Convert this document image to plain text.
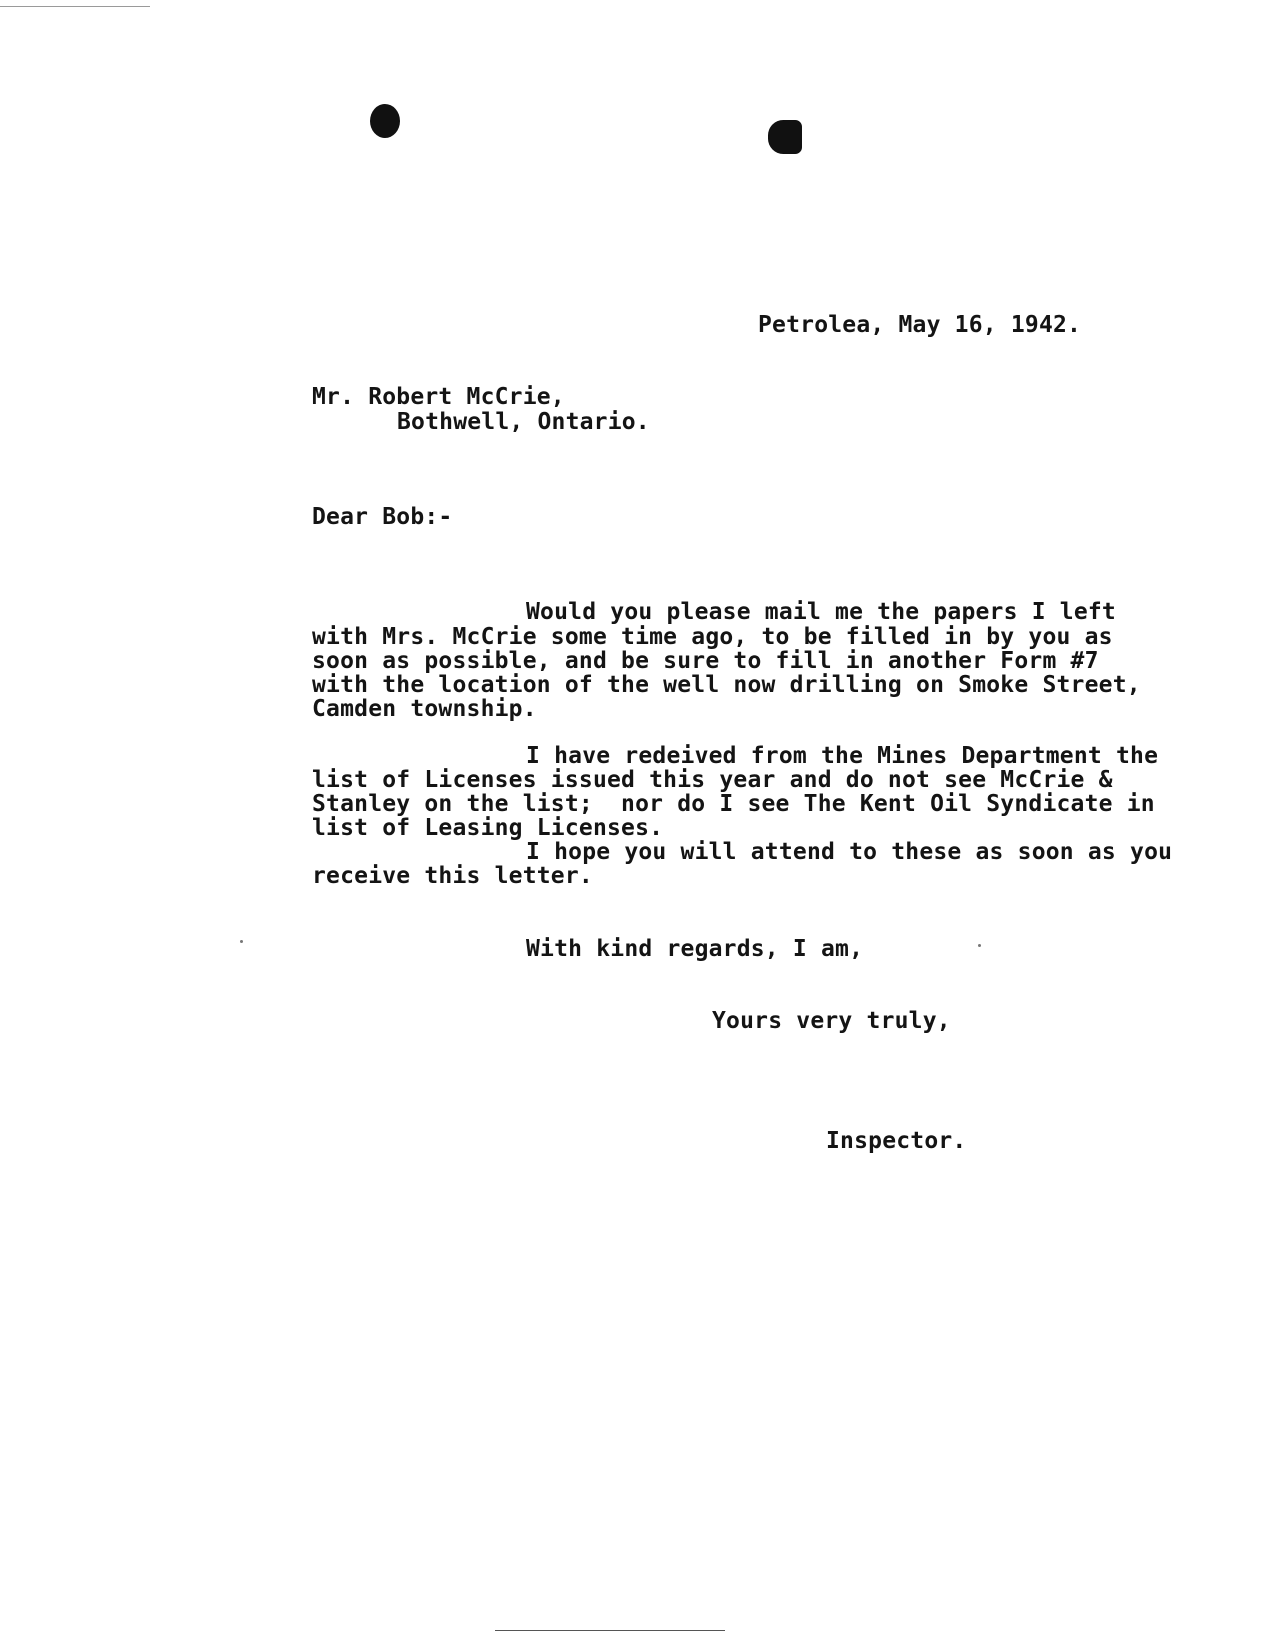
Petrolea, May 16, 1942.
Mr. Robert McCrie,
Bothwell, Ontario.
Dear Bob:-
Would you please mail me the papers I left
with Mrs. McCrie some time ago, to be filled in by you as
soon as possible, and be sure to fill in another Form #7
with the location of the well now drilling on Smoke Street,
Camden township.
I have redeived from the Mines Department the
list of Licenses issued this year and do not see McCrie &
Stanley on the list;  nor do I see The Kent Oil Syndicate in
list of Leasing Licenses.
I hope you will attend to these as soon as you
receive this letter.
With kind regards, I am,
Yours very truly,
Inspector.
